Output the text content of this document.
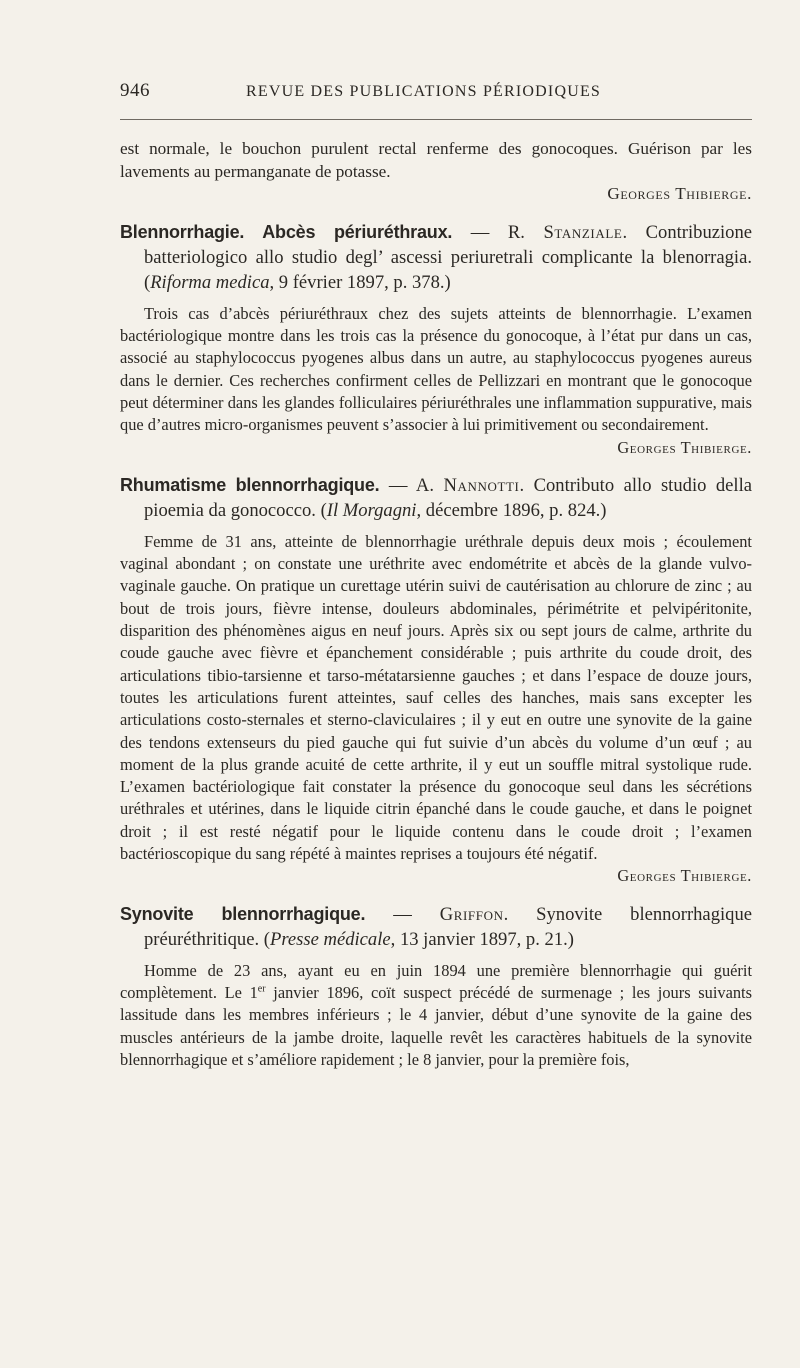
946	REVUE DES PUBLICATIONS PÉRIODIQUES

est normale, le bouchon purulent rectal renferme des gonocoques. Guérison par les lavements au permanganate de potasse.

Georges Thibierge.

Blennorrhagie. Abcès périuréthraux. — R. Stanziale. Contribuzione batteriologico allo studio degl’ ascessi periuretrali complicante la blenorragia. (Riforma medica, 9 février 1897, p. 378.)

Trois cas d’abcès périuréthraux chez des sujets atteints de blennorrhagie. L’examen bactériologique montre dans les trois cas la présence du gonocoque, à l’état pur dans un cas, associé au staphylococcus pyogenes albus dans un autre, au staphylococcus pyogenes aureus dans le dernier. Ces recherches confirment celles de Pellizzari en montrant que le gonocoque peut déterminer dans les glandes folliculaires périuréthrales une inflammation suppurative, mais que d’autres micro-organismes peuvent s’associer à lui primitivement ou secondairement.
Georges Thibierge.

Rhumatisme blennorrhagique. — A. Nannotti. Contributo allo studio della pioemia da gonococco. (Il Morgagni, décembre 1896, p. 824.)

Femme de 31 ans, atteinte de blennorrhagie uréthrale depuis deux mois ; écoulement vaginal abondant ; on constate une uréthrite avec endométrite et abcès de la glande vulvo-vaginale gauche. On pratique un curettage utérin suivi de cautérisation au chlorure de zinc ; au bout de trois jours, fièvre intense, douleurs abdominales, périmétrite et pelvipéritonite, disparition des phénomènes aigus en neuf jours. Après six ou sept jours de calme, arthrite du coude gauche avec fièvre et épanchement considérable ; puis arthrite du coude droit, des articulations tibio-tarsienne et tarso-métatarsienne gauches ; et dans l’espace de douze jours, toutes les articulations furent atteintes, sauf celles des hanches, mais sans excepter les articulations costo-sternales et sterno-claviculaires ; il y eut en outre une synovite de la gaine des tendons extenseurs du pied gauche qui fut suivie d’un abcès du volume d’un œuf ; au moment de la plus grande acuité de cette arthrite, il y eut un souffle mitral systolique rude. L’examen bactériologique fait constater la présence du gonocoque seul dans les sécrétions uréthrales et utérines, dans le liquide citrin épanché dans le coude gauche, et dans le poignet droit ; il est resté négatif pour le liquide contenu dans le coude droit ; l’examen bactérioscopique du sang répété à maintes reprises a toujours été négatif.
Georges Thibierge.

Synovite blennorrhagique. — Griffon. Synovite blennorrhagique préuréthritique. (Presse médicale, 13 janvier 1897, p. 21.)

Homme de 23 ans, ayant eu en juin 1894 une première blennorrhagie qui guérit complètement. Le 1er janvier 1896, coït suspect précédé de surmenage ; les jours suivants lassitude dans les membres inférieurs ; le 4 janvier, début d’une synovite de la gaine des muscles antérieurs de la jambe droite, laquelle revêt les caractères habituels de la synovite blennorrhagique et s’améliore rapidement ; le 8 janvier, pour la première fois,
